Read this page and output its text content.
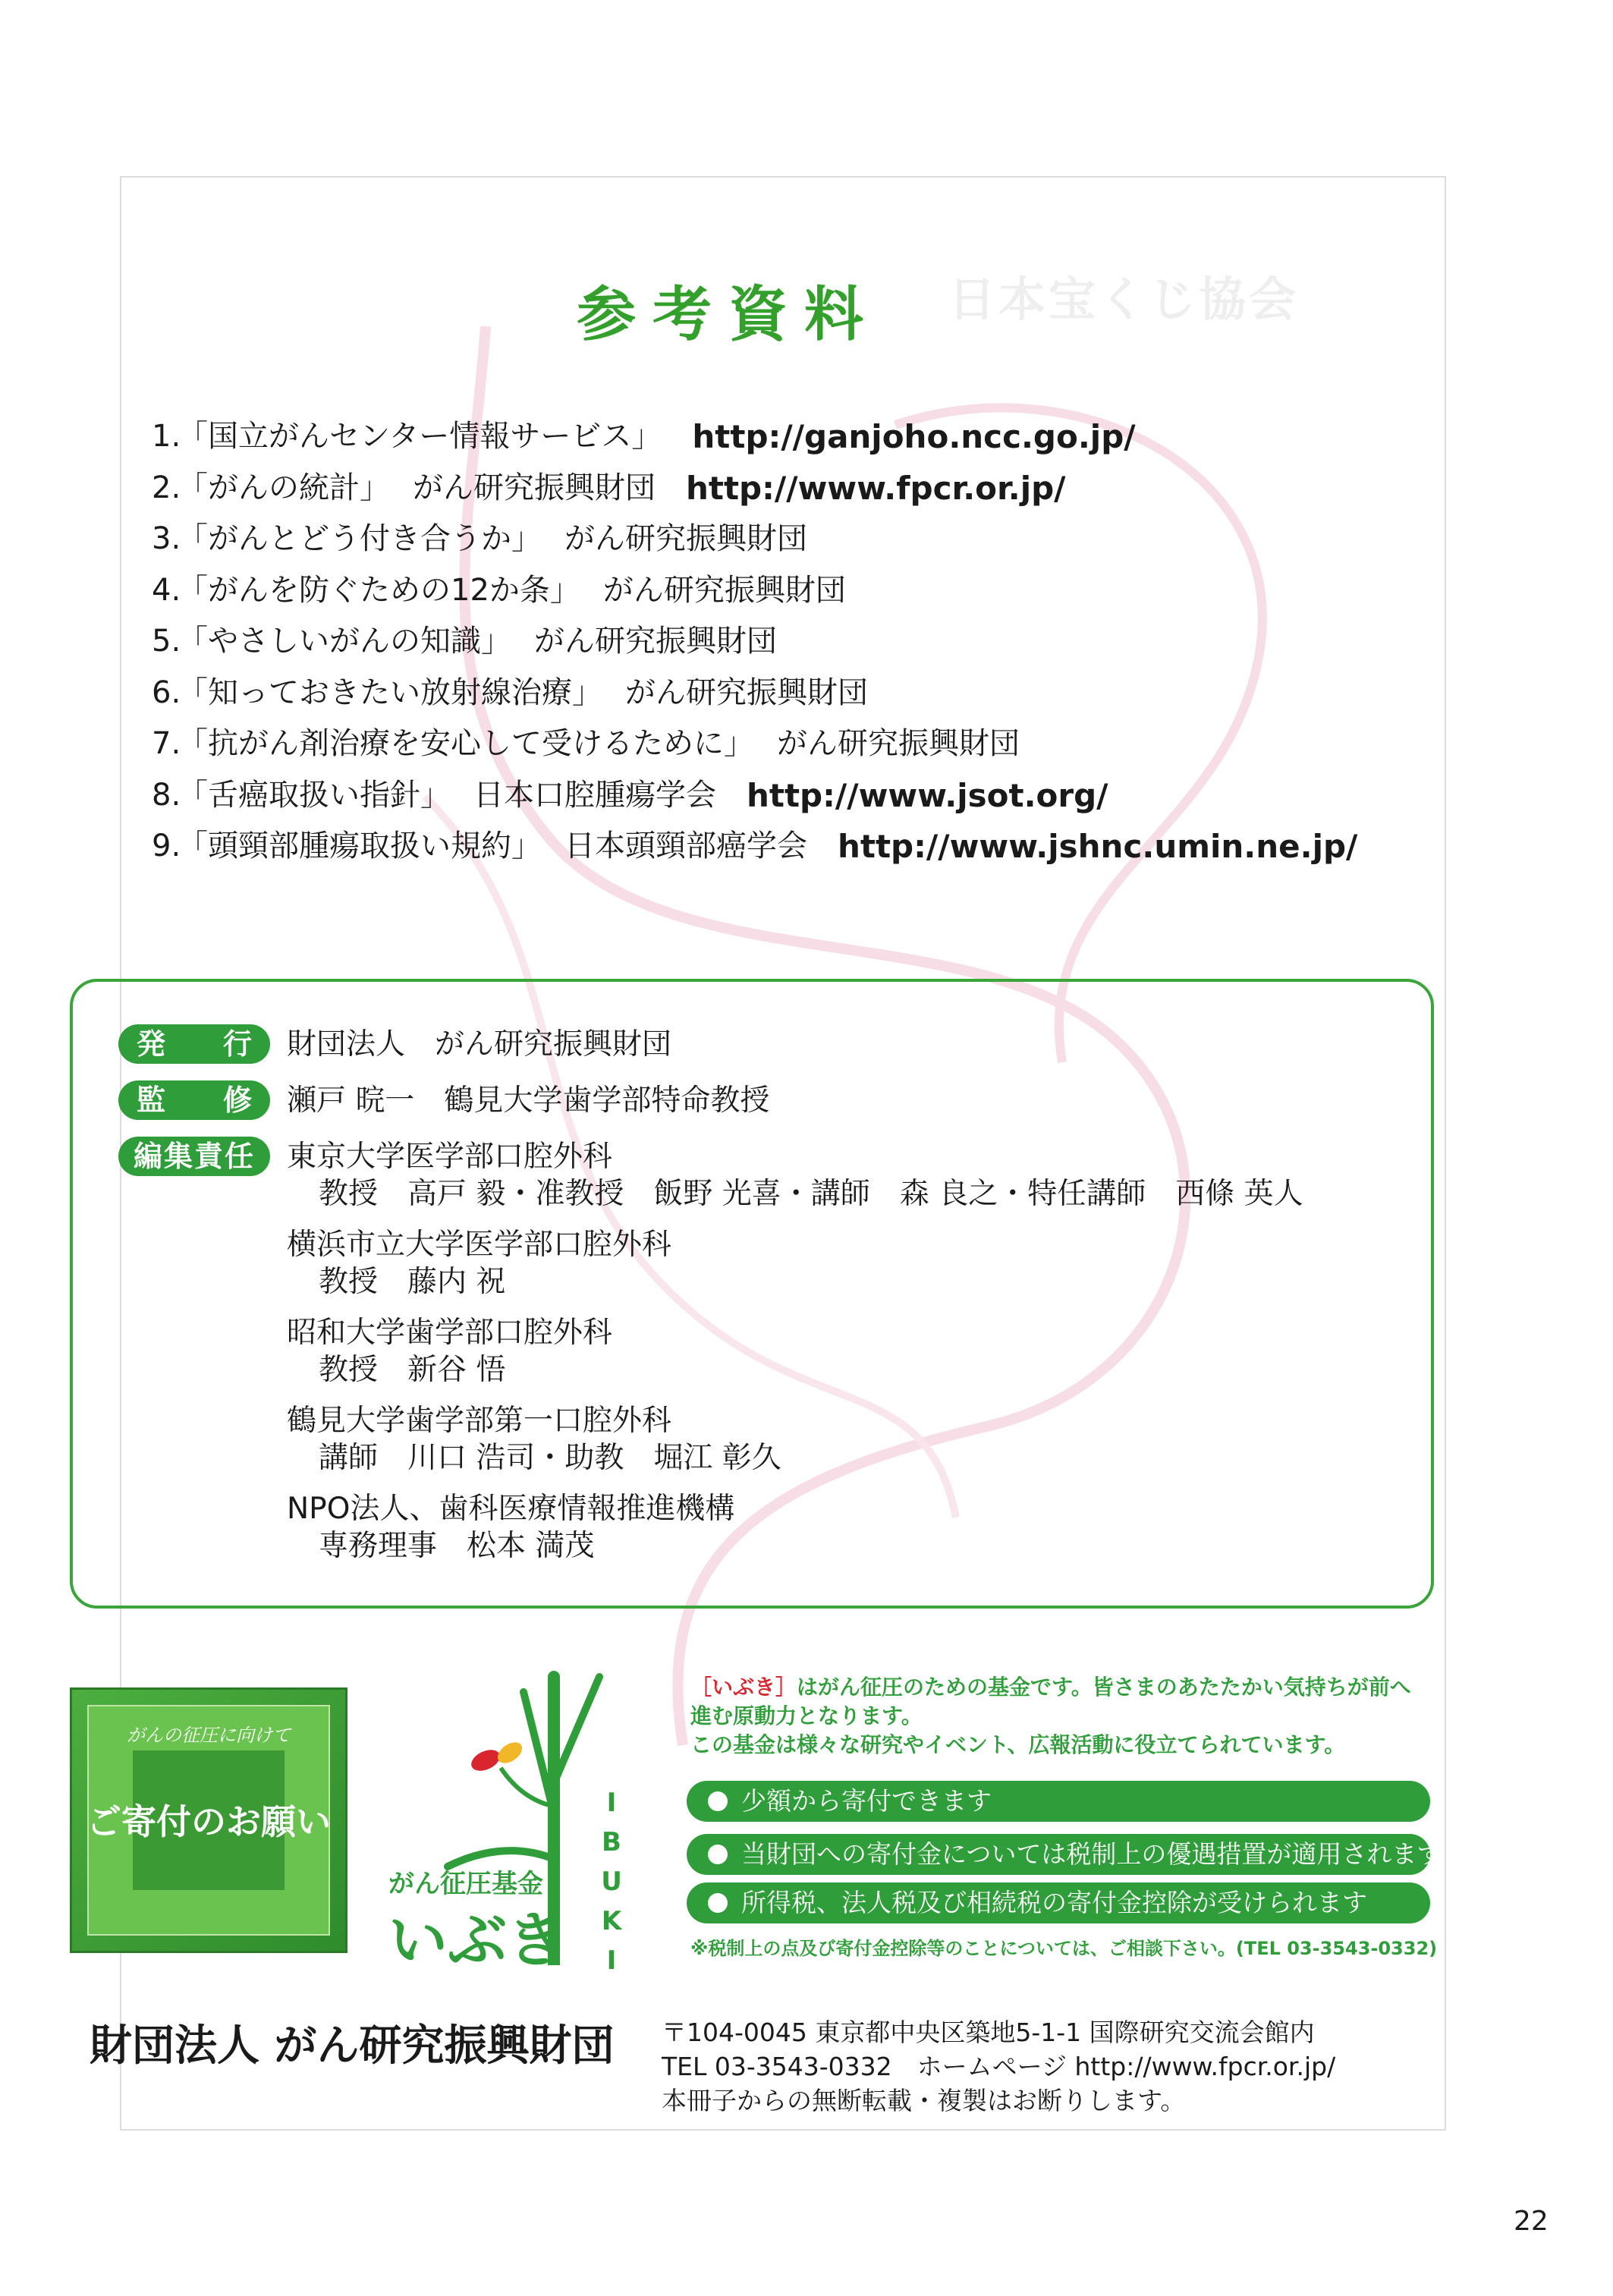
日本宝くじ協会
参考資料
1.
「国立がんセンター情報サービス」 http://ganjoho.ncc.go.jp/
2.
「がんの統計」 がん研究振興財団 http://www.fpcr.or.jp/
3.
「がんとどう付き合うか」 がん研究振興財団
4.
「がんを防ぐための12か条」 がん研究振興財団
5.
「やさしいがんの知識」 がん研究振興財団
6.
「知っておきたい放射線治療」 がん研究振興財団
7.
「抗がん剤治療を安心して受けるために」 がん研究振興財団
8.
「舌癌取扱い指針」 日本口腔腫瘍学会 http://www.jsot.org/
9.
「頭頸部腫瘍取扱い規約」 日本頭頸部癌学会 http://www.jshnc.umin.ne.jp/
発　行	財団法人　がん研究振興財団
監　修	瀬戸 晥一　鶴見大学歯学部特命教授
編集責任	東京大学医学部口腔外科
教授　高戸 毅・准教授　飯野 光喜・講師　森 良之・特任講師　西條 英人
横浜市立大学医学部口腔外科
教授　藤内 祝
昭和大学歯学部口腔外科
教授　新谷 悟
鶴見大学歯学部第一口腔外科
講師　川口 浩司・助教　堀江 彰久
NPO法人、歯科医療情報推進機構
専務理事　松本 満茂
がんの征圧に向けて
ご寄付のお願い
がん征圧基金
いぶき
I
B
U
K
I
［いぶき］はがん征圧のための基金です。皆さまのあたたかい気持ちが前へ
進む原動力となります。
この基金は様々な研究やイベント、広報活動に役立てられています。
少額から寄付できます
当財団への寄付金については税制上の優遇措置が適用されます
所得税、法人税及び相続税の寄付金控除が受けられます
※税制上の点及び寄付金控除等のことについては、ご相談下さい。(TEL 03-3543-0332)
財団法人 がん研究振興財団 〒104-0045 東京都中央区築地5-1-1 国際研究交流会館内
TEL 03-3543-0332　ホームページ http://www.fpcr.or.jp/
本冊子からの無断転載・複製はお断りします。
22
